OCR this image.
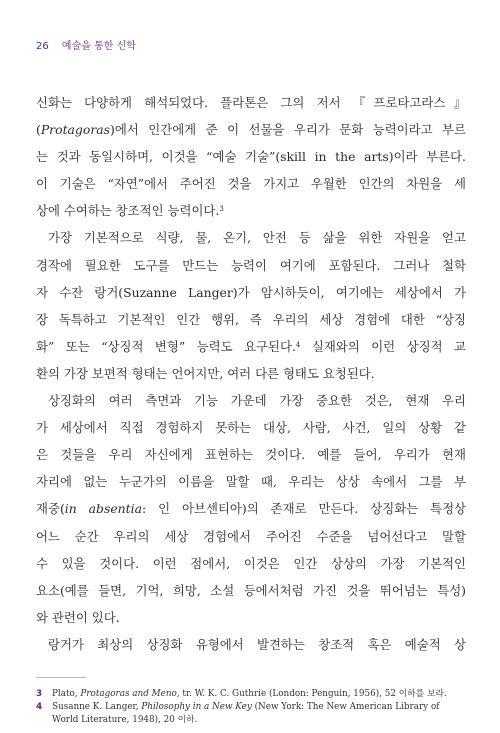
26 예술을 통한 신학
신화는 다양하게 해석되었다. 플라톤은 그의 저서 『프로타고라스』
(Protagoras)에서 인간에게 준 이 선물을 우리가 문화 능력이라고 부르
는 것과 동일시하며, 이것을 “예술 기술”(skill in the arts)이라 부른다.
이 기술은 “자연”에서 주어진 것을 가지고 우월한 인간의 차원을 세
상에 수여하는 창조적인 능력이다.$^3$
가장 기본적으로 식량, 물, 온기, 안전 등 삶을 위한 자원을 얻고
경작에 필요한 도구를 만드는 능력이 여기에 포함된다. 그러나 철학
자 수잔 랑거(Suzanne Langer)가 암시하듯이, 여기에는 세상에서 가
장 독특하고 기본적인 인간 행위, 즉 우리의 세상 경험에 대한 “상징
화” 또는 “상징적 변형” 능력도 요구된다.$^4$ 실재와의 이런 상징적 교
환의 가장 보편적 형태는 언어지만, 여러 다른 형태도 요청된다.
상징화의 여러 측면과 기능 가운데 가장 중요한 것은, 현재 우리
가 세상에서 직접 경험하지 못하는 대상, 사람, 사건, 일의 상황 같
은 것들을 우리 자신에게 표현하는 것이다. 예를 들어, 우리가 현재
자리에 없는 누군가의 이름을 말할 때, 우리는 상상 속에서 그를 부
재중(in absentia: 인 아브센티아)의 존재로 만든다. 상징화는 특정상
어느 순간 우리의 세상 경험에서 주어진 수준을 넘어선다고 말할
수 있을 것이다. 이런 점에서, 이것은 인간 상상의 가장 기본적인
요소(예를 들면, 기억, 희망, 소설 등에서처럼 가진 것을 뛰어넘는 특성)
와 관련이 있다.
랑거가 최상의 상징화 유형에서 발견하는 창조적 혹은 예술적 상
3 Plato, Protagoras and Meno, tr. W. K. C. Guthrie (London: Penguin, 1956), 52 이하를 보라.
4 Susanne K. Langer, Philosophy in a New Key (New York: The New American Library of
World Literature, 1948), 20 이하.
